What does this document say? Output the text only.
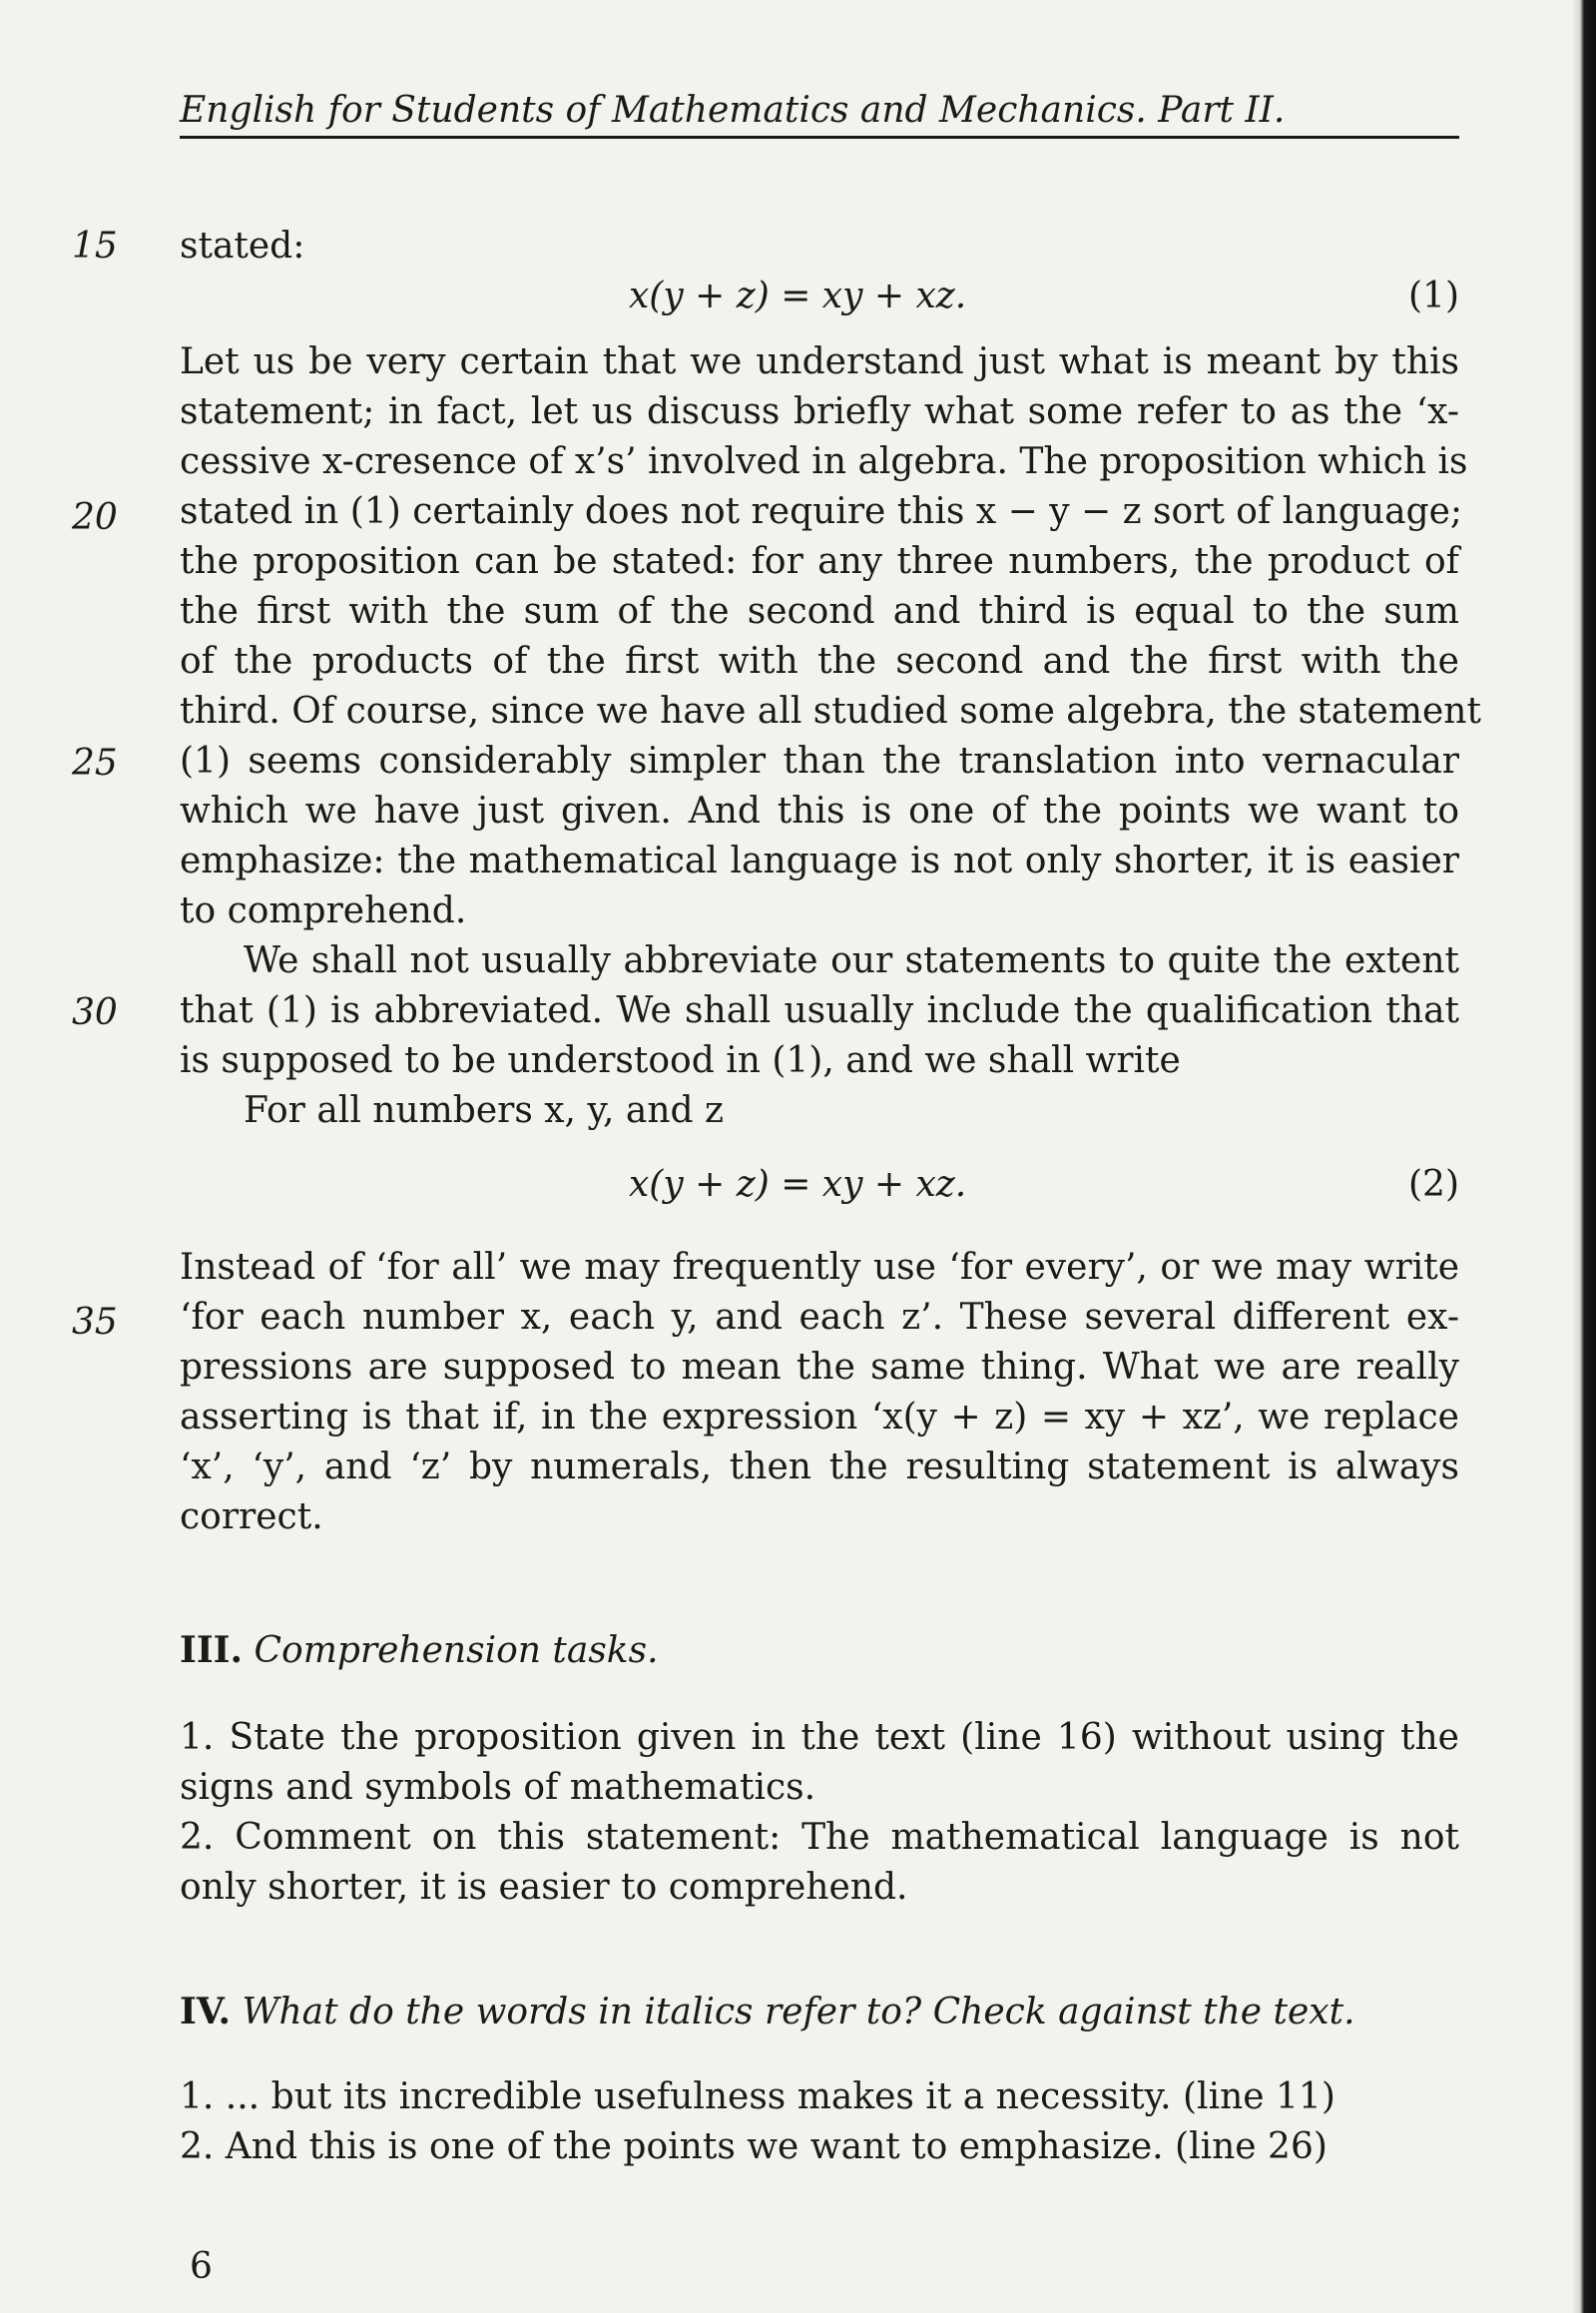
English for Students of Mathematics and Mechanics. Part II.
15
20
25
30
35
stated:
x(y + z) = xy + xz.	(1)
Let us be very certain that we understand just what is meant by this
statement; in fact, let us discuss briefly what some refer to as the ‘x-
cessive x-cresence of x’s’ involved in algebra. The proposition which is
stated in (1) certainly does not require this x − y − z sort of language;
the proposition can be stated: for any three numbers, the product of
the first with the sum of the second and third is equal to the sum
of the products of the first with the second and the first with the
third. Of course, since we have all studied some algebra, the statement
(1) seems considerably simpler than the translation into vernacular
which we have just given. And this is one of the points we want to
emphasize: the mathematical language is not only shorter, it is easier
to comprehend.
We shall not usually abbreviate our statements to quite the extent
that (1) is abbreviated. We shall usually include the qualification that
is supposed to be understood in (1), and we shall write
For all numbers x, y, and z
x(y + z) = xy + xz.	(2)
Instead of ‘for all’ we may frequently use ‘for every’, or we may write
‘for each number x, each y, and each z’. These several different ex-
pressions are supposed to mean the same thing. What we are really
asserting is that if, in the expression ‘x(y + z) = xy + xz’, we replace
‘x’, ‘y’, and ‘z’ by numerals, then the resulting statement is always
correct.
III. Comprehension tasks.
1. State the proposition given in the text (line 16) without using the
signs and symbols of mathematics.
2. Comment on this statement: The mathematical language is not
only shorter, it is easier to comprehend.
IV. What do the words in italics refer to? Check against the text.
1. ... but its incredible usefulness makes it a necessity. (line 11)
2. And this is one of the points we want to emphasize. (line 26)
6
